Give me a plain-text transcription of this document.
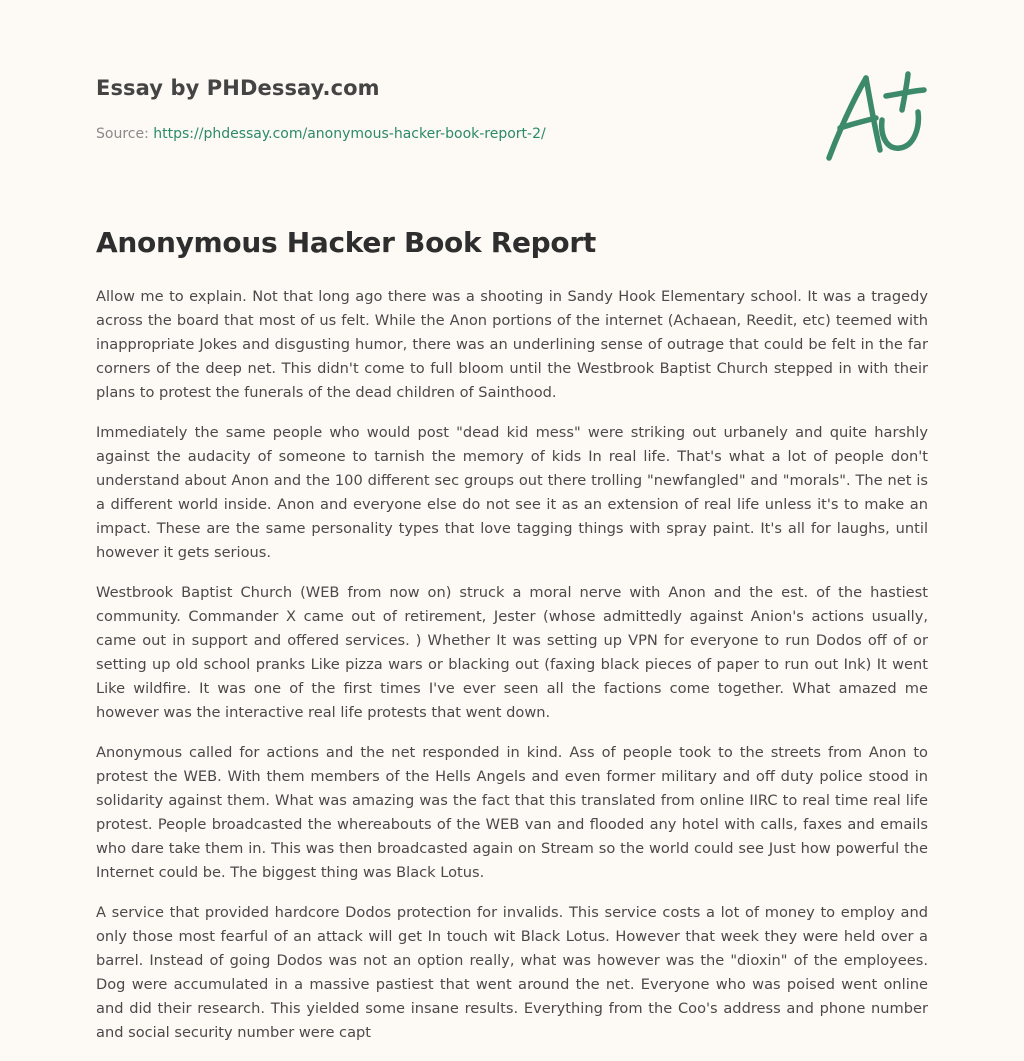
Essay by PHDessay.com
Source: https://phdessay.com/anonymous-hacker-book-report-2/
Anonymous Hacker Book Report

Allow me to explain. Not that long ago there was a shooting in Sandy Hook Elementary school. It was a tragedy across the board that most of us felt. While the Anon portions of the internet (Achaean, Reedit, etc) teemed with inappropriate Jokes and disgusting humor, there was an underlining sense of outrage that could be felt in the far corners of the deep net. This didn't come to full bloom until the Westbrook Baptist Church stepped in with their plans to protest the funerals of the dead children of Sainthood.

Immediately the same people who would post "dead kid mess" were striking out urbanely and quite harshly against the audacity of someone to tarnish the memory of kids In real life. That's what a lot of people don't understand about Anon and the 100 different sec groups out there trolling "newfangled" and "morals". The net is a different world inside. Anon and everyone else do not see it as an extension of real life unless it's to make an impact. These are the same personality types that love tagging things with spray paint. It's all for laughs, until however it gets serious.

Westbrook Baptist Church (WEB from now on) struck a moral nerve with Anon and the est. of the hastiest community. Commander X came out of retirement, Jester (whose admittedly against Anion's actions usually, came out in support and offered services. ) Whether It was setting up VPN for everyone to run Dodos off of or setting up old school pranks Like pizza wars or blacking out (faxing black pieces of paper to run out Ink) It went Like wildfire. It was one of the first times I've ever seen all the factions come together. What amazed me however was the interactive real life protests that went down.

Anonymous called for actions and the net responded in kind. Ass of people took to the streets from Anon to protest the WEB. With them members of the Hells Angels and even former military and off duty police stood in solidarity against them. What was amazing was the fact that this translated from online IIRC to real time real life protest. People broadcasted the whereabouts of the WEB van and flooded any hotel with calls, faxes and emails who dare take them in. This was then broadcasted again on Stream so the world could see Just how powerful the Internet could be. The biggest thing was Black Lotus.

A service that provided hardcore Dodos protection for invalids. This service costs a lot of money to employ and only those most fearful of an attack will get In touch wit Black Lotus. However that week they were held over a barrel. Instead of going Dodos was not an option really, what was however was the "dioxin" of the employees. Dog were accumulated in a massive pastiest that went around the net. Everyone who was poised went online and did their research. This yielded some insane results. Everything from the Coo's address and phone number and social security number were capt
